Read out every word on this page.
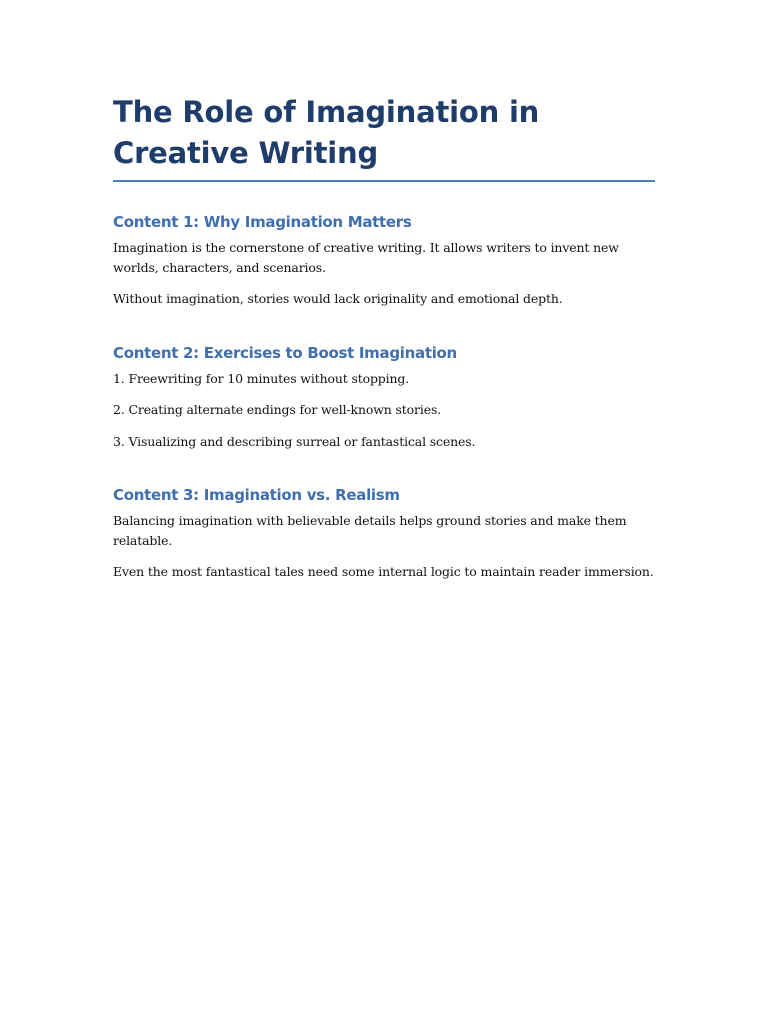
The Role of Imagination in Creative Writing
Content 1: Why Imagination Matters

Imagination is the cornerstone of creative writing. It allows writers to invent new worlds, characters, and scenarios.

Without imagination, stories would lack originality and emotional depth.

Content 2: Exercises to Boost Imagination

1. Freewriting for 10 minutes without stopping.

2. Creating alternate endings for well-known stories.

3. Visualizing and describing surreal or fantastical scenes.

Content 3: Imagination vs. Realism

Balancing imagination with believable details helps ground stories and make them relatable.

Even the most fantastical tales need some internal logic to maintain reader immersion.
